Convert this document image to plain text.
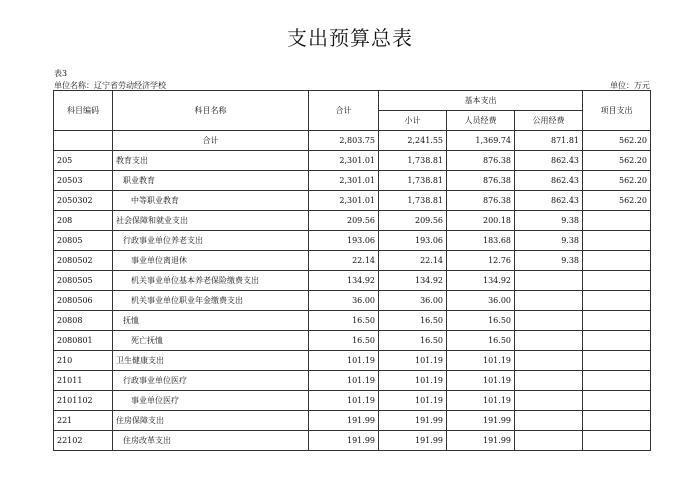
支出预算总表
表3
单位名称：辽宁省劳动经济学校	单位：万元
科目编码	科目名称	合计	基本支出			项目支出
			小计	人员经费	公用经费	
	合计	2,803.75	2,241.55	1,369.74	871.81	562.20
205	教育支出	2,301.01	1,738.81	876.38	862.43	562.20
20503	职业教育	2,301.01	1,738.81	876.38	862.43	562.20
2050302	中等职业教育	2,301.01	1,738.81	876.38	862.43	562.20
208	社会保障和就业支出	209.56	209.56	200.18	9.38	
20805	行政事业单位养老支出	193.06	193.06	183.68	9.38	
2080502	事业单位离退休	22.14	22.14	12.76	9.38	
2080505	机关事业单位基本养老保险缴费支出	134.92	134.92	134.92		
2080506	机关事业单位职业年金缴费支出	36.00	36.00	36.00		
20808	抚恤	16.50	16.50	16.50		
2080801	死亡抚恤	16.50	16.50	16.50		
210	卫生健康支出	101.19	101.19	101.19		
21011	行政事业单位医疗	101.19	101.19	101.19		
2101102	事业单位医疗	101.19	101.19	101.19		
221	住房保障支出	191.99	191.99	191.99		
22102	住房改革支出	191.99	191.99	191.99		
